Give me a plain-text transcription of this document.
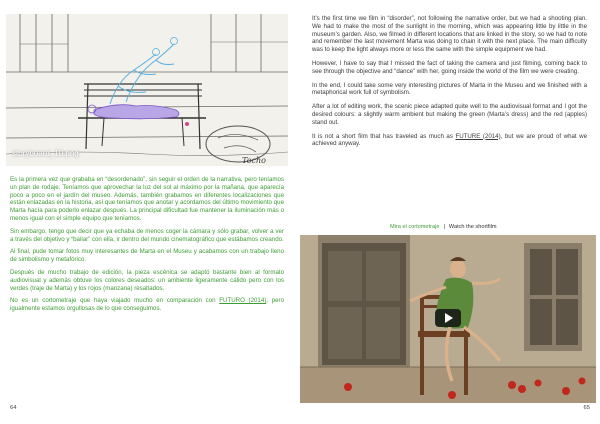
storyboard_10.png
Tocho

Es la primera vez que grababa en “desordenado”, sin seguir el orden de la narrativa, pero teníamos un plan de rodaje. Teníamos que aprovechar la luz del sol al máximo por la mañana, que aparecía poco a poco en el jardín del museo. Además, también grabamos en diferentes localizaciones que están enlazadas en la historia, así que teníamos que anotar y acordarnos del último movimiento que Marta hacía para poderlo enlazar después. La principal dificultad fue mantener la iluminación más o menos igual con el simple equipo que teníamos.

Sin embargo, tengo que decir que ya echaba de menos coger la cámara y sólo grabar, volver a ver a través del objetivo y “bailar” con ella, ir dentro del mundo cinematográfico que estábamos creando.

Al final, pude tomar fotos muy interesantes de Marta en el Museu y acabamos con un trabajo lleno de simbolismo y metafórico.

Después de mucho trabajo de edición, la pieza escénica se adaptó bastante bien al formato audiovisual y además obtuve los colores deseados: un ambiente ligeramente cálido pero con los verdes (traje de Marta) y los rojos (manzana) resaltados.

No es un cortometraje que haya viajado mucho en comparación con FUTURO (2014), pero igualmente estamos orgullosas de lo que conseguimos.

64

It’s the first time we film in “disorder”, not following the narrative order, but we had a shooting plan. We had to make the most of the sunlight in the morning, which was appearing little by little in the museum’s garden. Also, we filmed in different locations that are linked in the story, so we had to note and remember the last movement Marta was doing to chain it with the next place. The main difficulty was to keep the light always more or less the same with the simple equipment we had.

However, I have to say that I missed the fact of taking the camera and just filming, coming back to see through the objective and “dance” with her, going inside the world of the film we were creating.

In the end, I could take some very interesting pictures of Marta in the Museu and we finished with a metaphorical work full of symbolism.

After a lot of editing work, the scenic piece adapted quite well to the audiovisual format and I got the desired colours: a slightly warm ambient but making the green (Marta’s dress) and the red (apples) stand out.

It is not a short film that has traveled as much as FUTURE (2014), but we are proud of what we achieved anyway.

Mira el cortometraje | Watch the shortfilm
65
